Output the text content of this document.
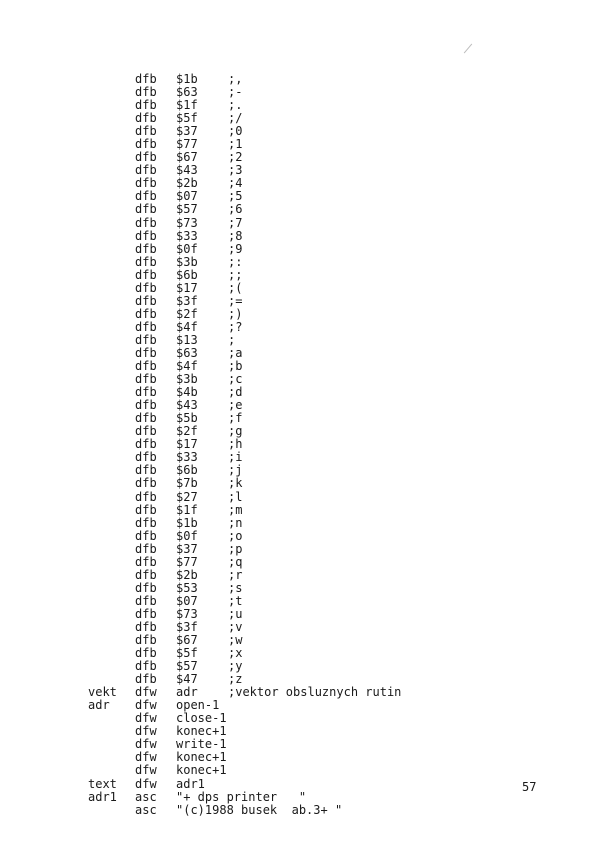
dfb $1b	;,
dfb $63	;-
dfb $1f	;.
dfb $5f	;/
dfb $37	;0
dfb $77	;1
dfb $67	;2
dfb $43	;3
dfb $2b	;4
dfb $07	;5
dfb $57	;6
dfb $73	;7
dfb $33	;8
dfb $0f	;9
dfb $3b	;:
dfb $6b	;;
dfb $17	;(
dfb $3f	;=
dfb $2f	;)
dfb $4f	;?
dfb $13	;
dfb $63	;a
dfb $4f	;b
dfb $3b	;c
dfb $4b	;d
dfb $43	;e
dfb $5b	;f
dfb $2f	;g
dfb $17	;h
dfb $33	;i
dfb $6b	;j
dfb $7b	;k
dfb $27	;l
dfb $1f	;m
dfb $1b	;n
dfb $0f	;o
dfb $37	;p
dfb $77	;q
dfb $2b	;r
dfb $53	;s
dfb $07	;t
dfb $73	;u
dfb $3f	;v
dfb $67	;w
dfb $5f	;x
dfb $57	;y
dfb $47	;z
vekt dfw adr	;vektor obsluznych rutin
adr dfw open-1
dfw close-1
dfw konec+1
dfw write-1
dfw konec+1
dfw konec+1
text dfw adr1
adr1 asc "+ dps printer   "
asc "(c)1988 busek  ab.3+ "
57
